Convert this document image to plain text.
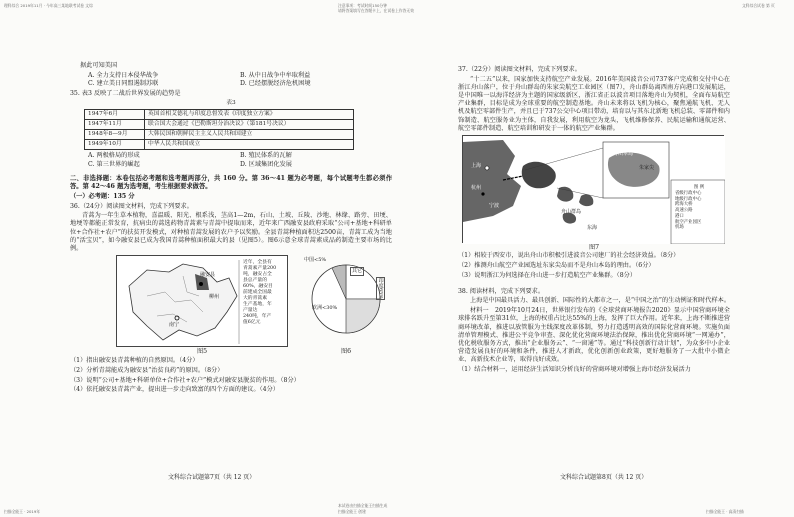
理科综合 2019年11月 · 今年高三某地联考试卷 文综	注意事项：考试时间150分钟
请将答案填写在答题卡上，在试卷上作答无效
文科综合试卷 第 页
扫描全能王 · 2019年
本试卷由扫描全能王扫描生成
扫描全能王 创建	扫描全能王 · 高清扫描
据此可知美国
A. 全力支持日本侵华战争	B. 从中日战争中牟取利益
C. 建立美日同盟遏制苏联	D. 已经摆脱经济危机困境
35. 表3 反映了二战后世界发展的趋势是
表3
1947年6月	英国首相艾德礼与印度总督发表《印度独立方案》
1947年11月	联合国大会通过《巴勒斯坦分治决议》（第181号决议）
1948年8—9月	大韩民国和朝鲜民主主义人民共和国建立
1949年10月	中华人民共和国成立
A. 两极格局的形成	B. 殖民体系的瓦解
C. 第三世界的崛起	D. 区域集团化发展
二、非选择题：本卷包括必考题和选考题两部分，共 160 分。第 36～41 题为必考题，每个试题考生都必须作答。第 42～46 题为选考题，考生根据要求做答。
（一）必考题：135 分
36.（24分）阅读图文材料，完成下列要求。
青蒿为一年生草本植物，喜温暖、阳光、根系浅，茎高1—2m，石山、土坡、丘陵、沙地、林缘、路旁、田埂、地埂等都能正常发育，抗病虫的蒿选药物青蒿素与青蒿中提取而来，近年来广西融安县政府采取“公司+基地+科研单位+合作社+农户”的扶贫开发模式，对种植青蒿发展的农户予以奖励。全县青蒿种植面积达2500亩，青蒿工成为当地的“活宝贝”，如今融安县已成为我国青蒿种植面积最大的县（见图5）。图6示意全球青蒿素成品药制造主要市场的比例。
融安县
柳州
南宁
近年，全县有
青蒿素产量200
吨，融安占全
县总产量的
60%，融安目
前建成全国最
大的青蒿素
生产基地，年
产量达
240吨，年产
值6亿元
图5
中国<5%
其它
印度65%
欧洲<30%
图6
（1）指出融安县青蒿种植的自然原因。（4分）
（2）分析青蒿能成为融安县“治贫良药”的原因。（8分）
（3）说明“公司+基地+科研单位+合作社+农户”模式对融安县脱贫的作用。（8分）
（4）依托融安县青蒿产业，提出进一步走向致富的四个方面的建议。（4分）
文科综合试题第7页（共 12 页）
37.（22分）阅读图文材料，完成下列要求。
“十二五”以来，国家加快支持航空产业发展。2016年美国波音公司737客户完成和交付中心在浙江舟山落户，位于舟山群岛的朱家尖航空工业园区（图7），舟山群岛离西南方向港口发展航运，是中国唯一以海洋经济为主题的国家级新区，浙江省正以波音项目落地舟山为契机，全面布局航空产业集群，目标是成为全球重要的航空制造基地。舟山未来将以飞机为核心，聚焦通航飞机、无人机及航空零部件生产，并且已于737公交中心项目带动，培育以与其东北新地飞机总装、零部件和内饰制造、航空服务业为主体，自我发展，利用航空为龙头，飞机维修保养、民航运输和通航运营、航空零部件制造、航空培训和研发于一体的航空产业集群。
舟山本岛
朱家尖
舟山群岛
上海
杭州
宁波
东海
图 例
省级行政中心
地级行政中心
跨海大桥
高速公路
港口
航空产业园区
机场
图7
（1）相较于西安市，说出舟山市积极引进波音公司建厂的社会经济效益。（8分）
（2）推测舟山航空产业园选址东家尖岛而不是舟山本岛的理由。（6分）
（3）说明浙江为何选择在舟山进一步打造航空产业集群。（8分）
38. 阅读材料，完成下列要求。
上海是中国最具活力、最具创新、国际性的大都市之一，是“中国之治”的生动例证和时代样本。
材料一　2019年10月24日，世界银行发布的《全球营商环境报告2020》显示中国营商环境全球排名跃升至第31位，上海的权重占比达55%的上海，发挥了巨大作用。近年来，上海不断推进营商环境改革，推进以放管服为主线深度改革体制，努力打造透明高效的国际化营商环境。实施负面清单管理模式、推进公平竞争审查、深化优化营商环境法治保障，推出优化营商环境“一网通办”，优化税收服务方式，推出“企业服务云”、“一窗通”等。通过“科技创新行动计划”，为众多中小企业营造发展良好的环境和条件，推进人才新政，优化创新创业政策，更好地服务了一大批中小微企业、高新技术企业等，取得良好成效。
（1）结合材料一，运用经济生活知识分析良好的营商环境对增强上海市经济发展活力
文科综合试题第8页（共 12 页）
